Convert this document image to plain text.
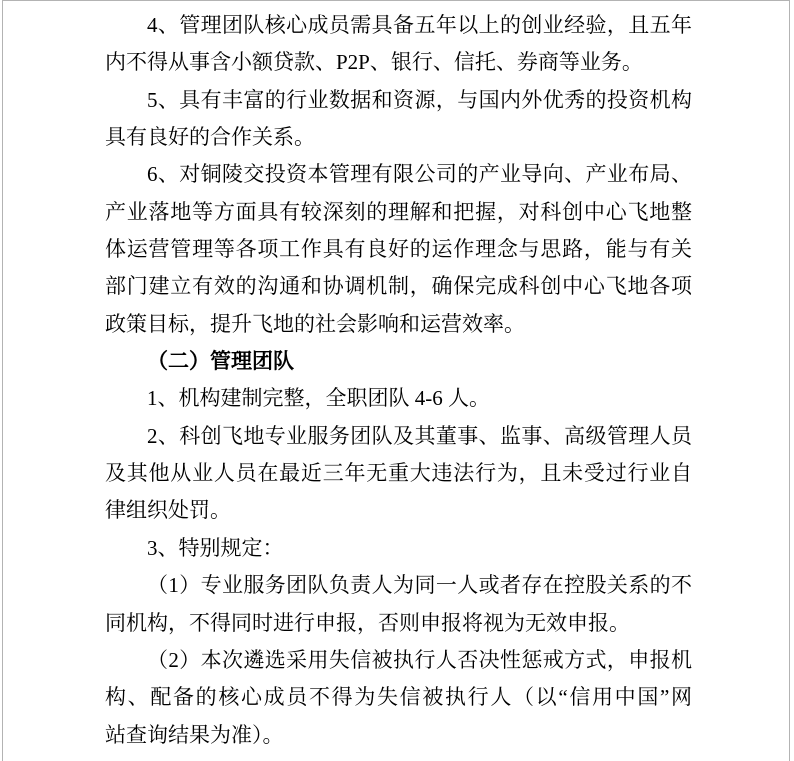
4、管理团队核心成员需具备五年以上的创业经验，且五年
内不得从事含小额贷款、P2P、银行、信托、券商等业务。
5、具有丰富的行业数据和资源，与国内外优秀的投资机构
具有良好的合作关系。
6、对铜陵交投资本管理有限公司的产业导向、产业布局、
产业落地等方面具有较深刻的理解和把握，对科创中心飞地整
体运营管理等各项工作具有良好的运作理念与思路，能与有关
部门建立有效的沟通和协调机制，确保完成科创中心飞地各项
政策目标，提升飞地的社会影响和运营效率。
（二）管理团队
1、机构建制完整，全职团队 4-6 人。
2、科创飞地专业服务团队及其董事、监事、高级管理人员
及其他从业人员在最近三年无重大违法行为，且未受过行业自
律组织处罚。
3、特别规定：
（1）专业服务团队负责人为同一人或者存在控股关系的不
同机构，不得同时进行申报，否则申报将视为无效申报。
（2）本次遴选采用失信被执行人否决性惩戒方式，申报机
构、配备的核心成员不得为失信被执行人（以“信用中国”网
站查询结果为准）。
